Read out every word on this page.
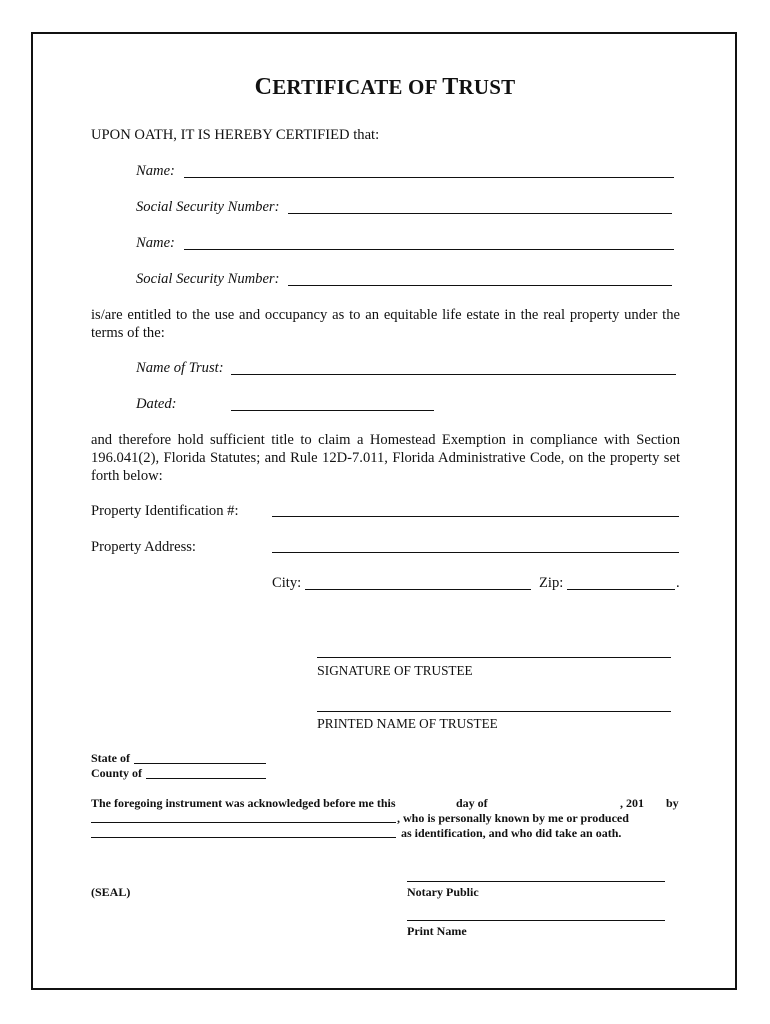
CERTIFICATE OF TRUST
UPON OATH, IT IS HEREBY CERTIFIED that:
Name:
Social Security Number:
Name:
Social Security Number:
is/are entitled to the use and occupancy as to an equitable life estate in the real property under the terms of the:
Name of Trust:
Dated:
and therefore hold sufficient title to claim a Homestead Exemption in compliance with Section 196.041(2), Florida Statutes; and Rule 12D-7.011, Florida Administrative Code, on the property set forth below:
Property Identification #:
Property Address:
City:	Zip:	.
SIGNATURE OF TRUSTEE
PRINTED NAME OF TRUSTEE
State of
County of
The foregoing instrument was acknowledged before me this	day of	, 201 by
, who is personally known by me or produced
as identification, and who did take an oath.
(SEAL)	Notary Public
Print Name
